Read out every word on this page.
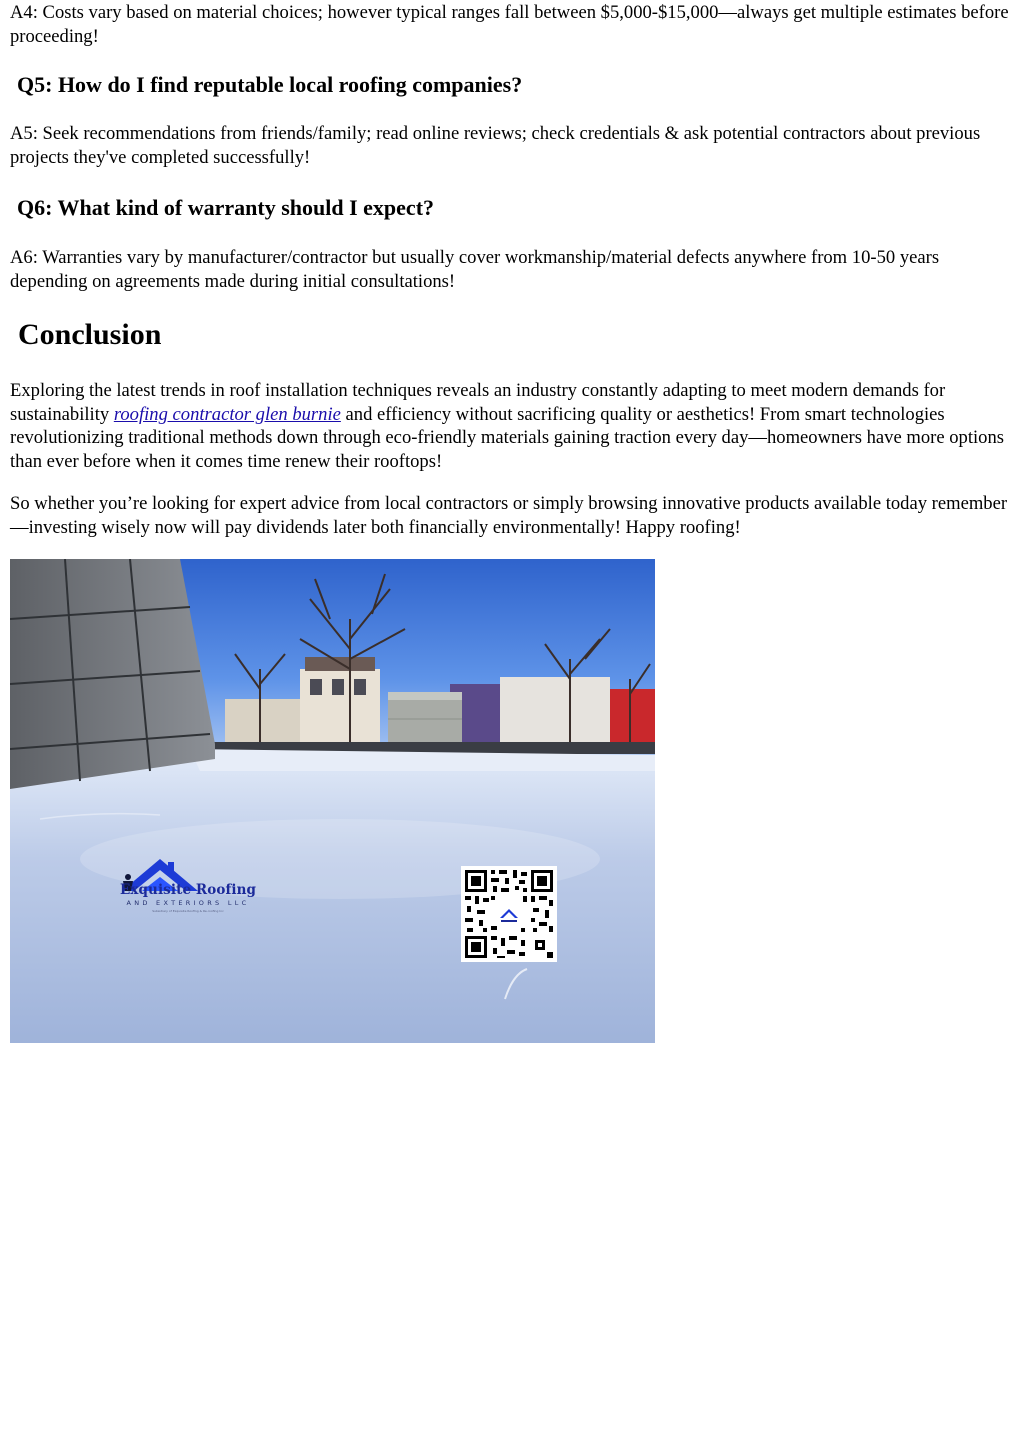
A4: Costs vary based on material choices; however typical ranges fall between $5,000-$15,000—always get multiple estimates before proceeding!

Q5: How do I find reputable local roofing companies?

A5: Seek recommendations from friends/family; read online reviews; check credentials & ask potential contractors about previous projects they've completed successfully!

Q6: What kind of warranty should I expect?

A6: Warranties vary by manufacturer/contractor but usually cover workmanship/material defects anywhere from 10-50 years depending on agreements made during initial consultations!

Conclusion

Exploring the latest trends in roof installation techniques reveals an industry constantly adapting to meet modern demands for sustainability roofing contractor glen burnie and efficiency without sacrificing quality or aesthetics! From smart technologies revolutionizing traditional methods down through eco-friendly materials gaining traction every day—homeowners have more options than ever before when it comes time renew their rooftops!

So whether you’re looking for expert advice from local contractors or simply browsing innovative products available today remember—investing wisely now will pay dividends later both financially environmentally! Happy roofing!

Exquisite Roofing
AND EXTERIORS LLC
Subsidiary of Exquisite Roofing & Re-roofing Inc
